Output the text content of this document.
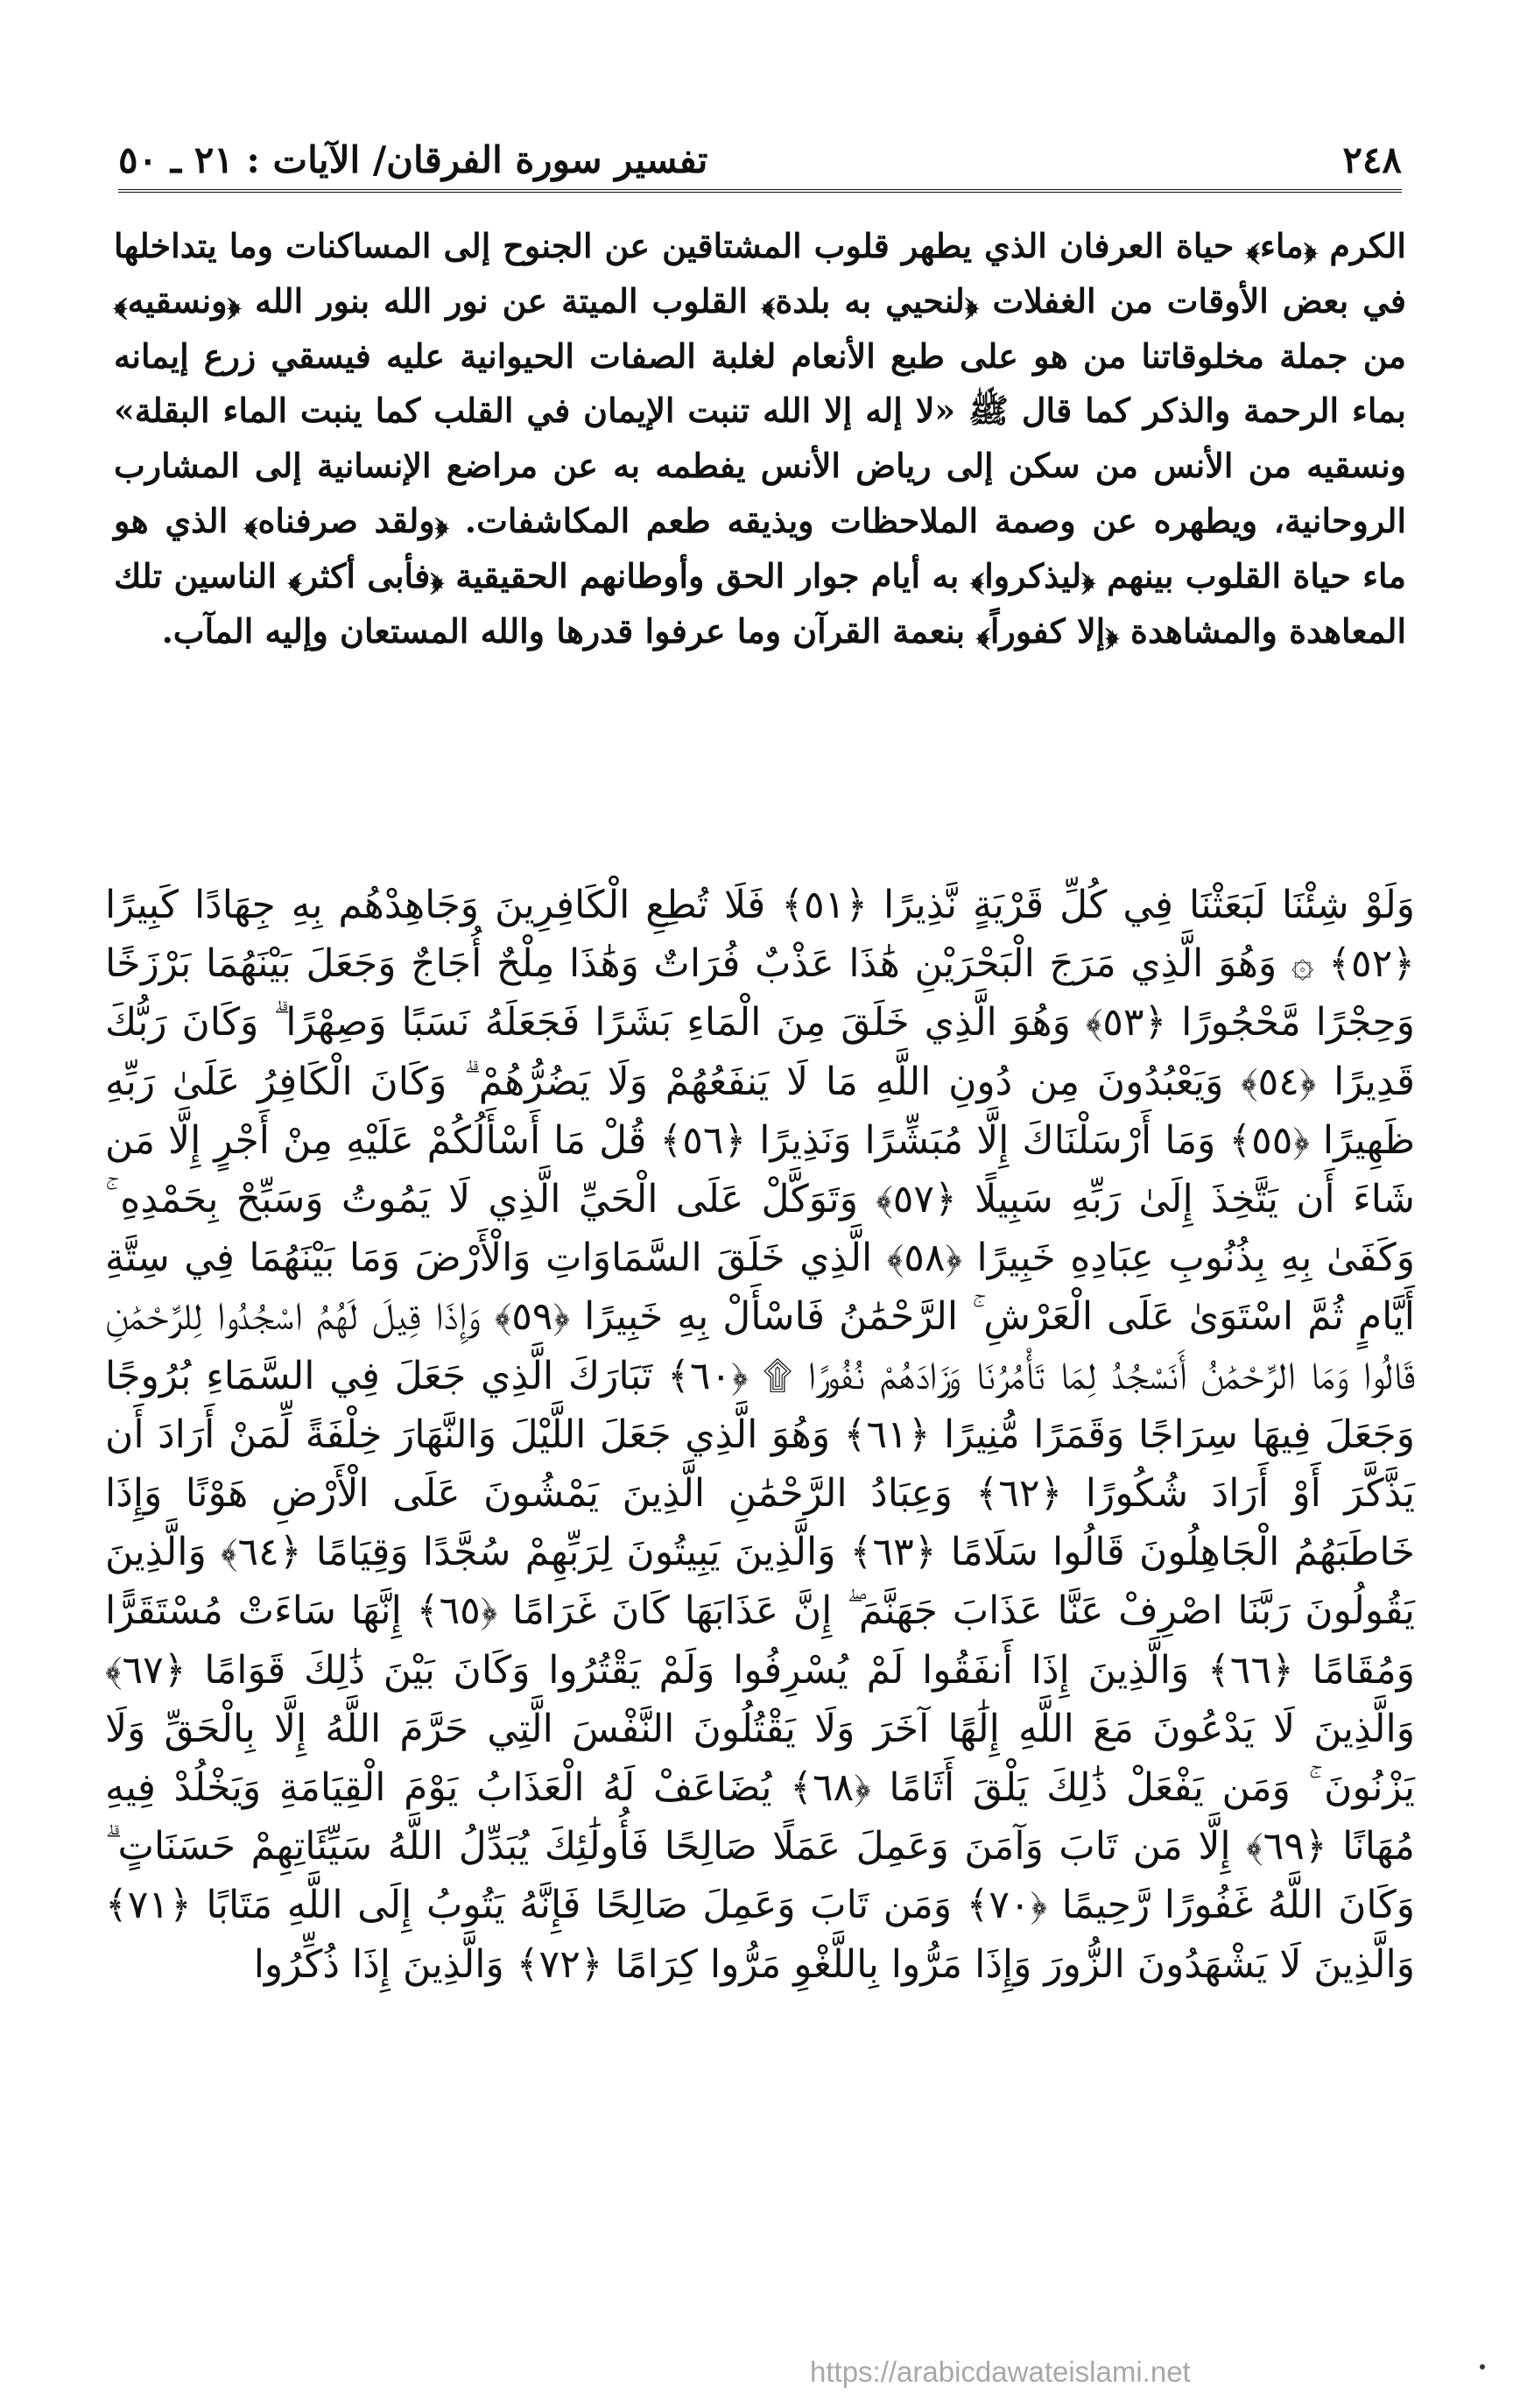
٢٤٨
تفسير سورة الفرقان/ الآيات : ٢١ ـ ٥٠

الكرم ﴿ماء﴾ حياة العرفان الذي يطهر قلوب المشتاقين عن الجنوح إلى المساكنات وما يتداخلها في بعض الأوقات من الغفلات ﴿لنحيي به بلدة﴾ القلوب الميتة عن نور الله بنور الله ﴿ونسقيه﴾ من جملة مخلوقاتنا من هو على طبع الأنعام لغلبة الصفات الحيوانية عليه فيسقي زرع إيمانه بماء الرحمة والذكر كما قال ﷺ «لا إله إلا الله تنبت الإيمان في القلب كما ينبت الماء البقلة» ونسقيه من الأنس من سكن إلى رياض الأنس يفطمه به عن مراضع الإنسانية إلى المشارب الروحانية، ويطهره عن وصمة الملاحظات ويذيقه طعم المكاشفات. ﴿ولقد صرفناه﴾ الذي هو ماء حياة القلوب بينهم ﴿ليذكروا﴾ به أيام جوار الحق وأوطانهم الحقيقية ﴿فأبى أكثر﴾ الناسين تلك المعاهدة والمشاهدة ﴿إلا كفوراً﴾ بنعمة القرآن وما عرفوا قدرها والله المستعان وإليه المآب.

وَلَوْ شِئْنَا لَبَعَثْنَا فِي كُلِّ قَرْيَةٍ نَّذِيرًا ﴿٥١﴾ فَلَا تُطِعِ الْكَافِرِينَ وَجَاهِدْهُم بِهِ جِهَادًا كَبِيرًا ﴿٥٢﴾ ۞ وَهُوَ الَّذِي مَرَجَ الْبَحْرَيْنِ هَٰذَا عَذْبٌ فُرَاتٌ وَهَٰذَا مِلْحٌ أُجَاجٌ وَجَعَلَ بَيْنَهُمَا بَرْزَخًا وَحِجْرًا مَّحْجُورًا ﴿٥٣﴾ وَهُوَ الَّذِي خَلَقَ مِنَ الْمَاءِ بَشَرًا فَجَعَلَهُ نَسَبًا وَصِهْرًا ۗ وَكَانَ رَبُّكَ قَدِيرًا ﴿٥٤﴾ وَيَعْبُدُونَ مِن دُونِ اللَّهِ مَا لَا يَنفَعُهُمْ وَلَا يَضُرُّهُمْ ۗ وَكَانَ الْكَافِرُ عَلَىٰ رَبِّهِ ظَهِيرًا ﴿٥٥﴾ وَمَا أَرْسَلْنَاكَ إِلَّا مُبَشِّرًا وَنَذِيرًا ﴿٥٦﴾ قُلْ مَا أَسْأَلُكُمْ عَلَيْهِ مِنْ أَجْرٍ إِلَّا مَن شَاءَ أَن يَتَّخِذَ إِلَىٰ رَبِّهِ سَبِيلًا ﴿٥٧﴾ وَتَوَكَّلْ عَلَى الْحَيِّ الَّذِي لَا يَمُوتُ وَسَبِّحْ بِحَمْدِهِ ۚ وَكَفَىٰ بِهِ بِذُنُوبِ عِبَادِهِ خَبِيرًا ﴿٥٨﴾ الَّذِي خَلَقَ السَّمَاوَاتِ وَالْأَرْضَ وَمَا بَيْنَهُمَا فِي سِتَّةِ أَيَّامٍ ثُمَّ اسْتَوَىٰ عَلَى الْعَرْشِ ۚ الرَّحْمَٰنُ فَاسْأَلْ بِهِ خَبِيرًا ﴿٥٩﴾ وَإِذَا قِيلَ لَهُمُ اسْجُدُوا لِلرَّحْمَٰنِ قَالُوا وَمَا الرَّحْمَٰنُ أَنَسْجُدُ لِمَا تَأْمُرُنَا وَزَادَهُمْ نُفُورًا ۩ ﴿٦٠﴾ تَبَارَكَ الَّذِي جَعَلَ فِي السَّمَاءِ بُرُوجًا وَجَعَلَ فِيهَا سِرَاجًا وَقَمَرًا مُّنِيرًا ﴿٦١﴾ وَهُوَ الَّذِي جَعَلَ اللَّيْلَ وَالنَّهَارَ خِلْفَةً لِّمَنْ أَرَادَ أَن يَذَّكَّرَ أَوْ أَرَادَ شُكُورًا ﴿٦٢﴾ وَعِبَادُ الرَّحْمَٰنِ الَّذِينَ يَمْشُونَ عَلَى الْأَرْضِ هَوْنًا وَإِذَا خَاطَبَهُمُ الْجَاهِلُونَ قَالُوا سَلَامًا ﴿٦٣﴾ وَالَّذِينَ يَبِيتُونَ لِرَبِّهِمْ سُجَّدًا وَقِيَامًا ﴿٦٤﴾ وَالَّذِينَ يَقُولُونَ رَبَّنَا اصْرِفْ عَنَّا عَذَابَ جَهَنَّمَ ۖ إِنَّ عَذَابَهَا كَانَ غَرَامًا ﴿٦٥﴾ إِنَّهَا سَاءَتْ مُسْتَقَرًّا وَمُقَامًا ﴿٦٦﴾ وَالَّذِينَ إِذَا أَنفَقُوا لَمْ يُسْرِفُوا وَلَمْ يَقْتُرُوا وَكَانَ بَيْنَ ذَٰلِكَ قَوَامًا ﴿٦٧﴾ وَالَّذِينَ لَا يَدْعُونَ مَعَ اللَّهِ إِلَٰهًا آخَرَ وَلَا يَقْتُلُونَ النَّفْسَ الَّتِي حَرَّمَ اللَّهُ إِلَّا بِالْحَقِّ وَلَا يَزْنُونَ ۚ وَمَن يَفْعَلْ ذَٰلِكَ يَلْقَ أَثَامًا ﴿٦٨﴾ يُضَاعَفْ لَهُ الْعَذَابُ يَوْمَ الْقِيَامَةِ وَيَخْلُدْ فِيهِ مُهَانًا ﴿٦٩﴾ إِلَّا مَن تَابَ وَآمَنَ وَعَمِلَ عَمَلًا صَالِحًا فَأُولَٰئِكَ يُبَدِّلُ اللَّهُ سَيِّئَاتِهِمْ حَسَنَاتٍ ۗ وَكَانَ اللَّهُ غَفُورًا رَّحِيمًا ﴿٧٠﴾ وَمَن تَابَ وَعَمِلَ صَالِحًا فَإِنَّهُ يَتُوبُ إِلَى اللَّهِ مَتَابًا ﴿٧١﴾ وَالَّذِينَ لَا يَشْهَدُونَ الزُّورَ وَإِذَا مَرُّوا بِاللَّغْوِ مَرُّوا كِرَامًا ﴿٧٢﴾ وَالَّذِينَ إِذَا ذُكِّرُوا

https://arabicdawateislami.net
